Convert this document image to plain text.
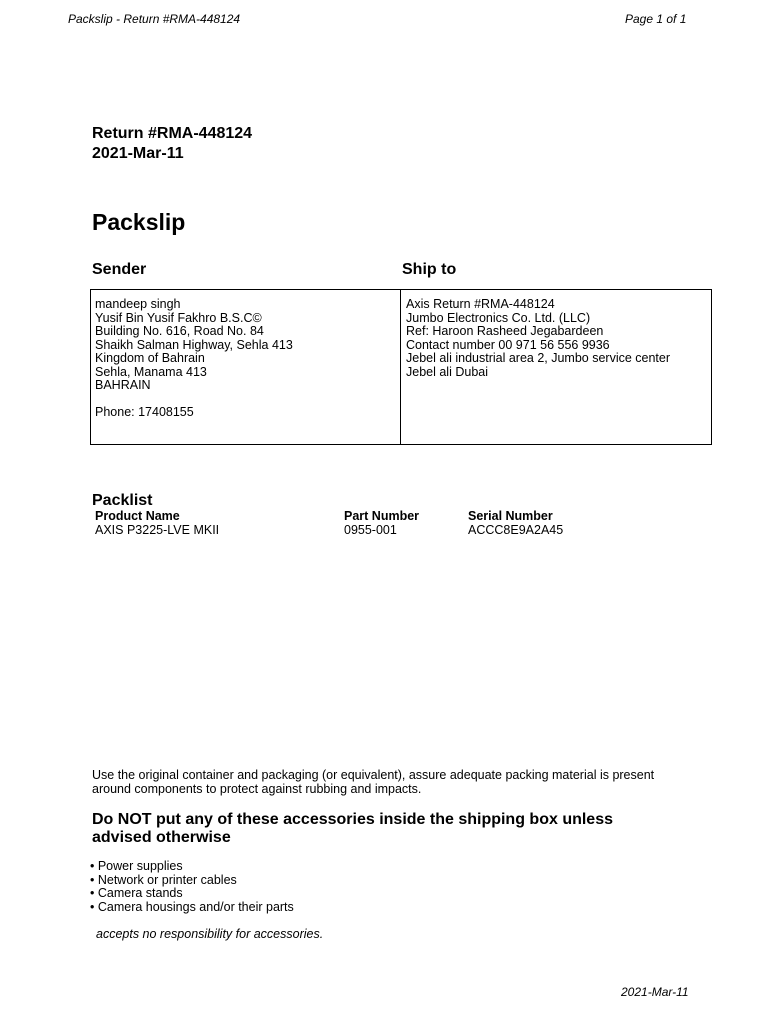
Packslip - Return #RMA-448124	Page 1 of 1
Return #RMA-448124
2021-Mar-11
Packslip
Sender	Ship to
mandeep singh
Yusif Bin Yusif Fakhro B.S.C©
Building No. 616, Road No. 84
Shaikh Salman Highway, Sehla 413
Kingdom of Bahrain
Sehla, Manama 413
BAHRAIN
Phone: 17408155
Axis Return #RMA-448124
Jumbo Electronics Co. Ltd. (LLC)
Ref: Haroon Rasheed Jegabardeen
Contact number 00 971 56 556 9936
Jebel ali industrial area 2, Jumbo service center
Jebel ali Dubai
Packlist
Product Name	Part Number	Serial Number
AXIS P3225-LVE MKII	0955-001	ACCC8E9A2A45
Use the original container and packaging (or equivalent), assure adequate packing material is present
around components to protect against rubbing and impacts.
Do NOT put any of these accessories inside the shipping box unless
advised otherwise
• Power supplies
• Network or printer cables
• Camera stands
• Camera housings and/or their parts
accepts no responsibility for accessories.
2021-Mar-11
